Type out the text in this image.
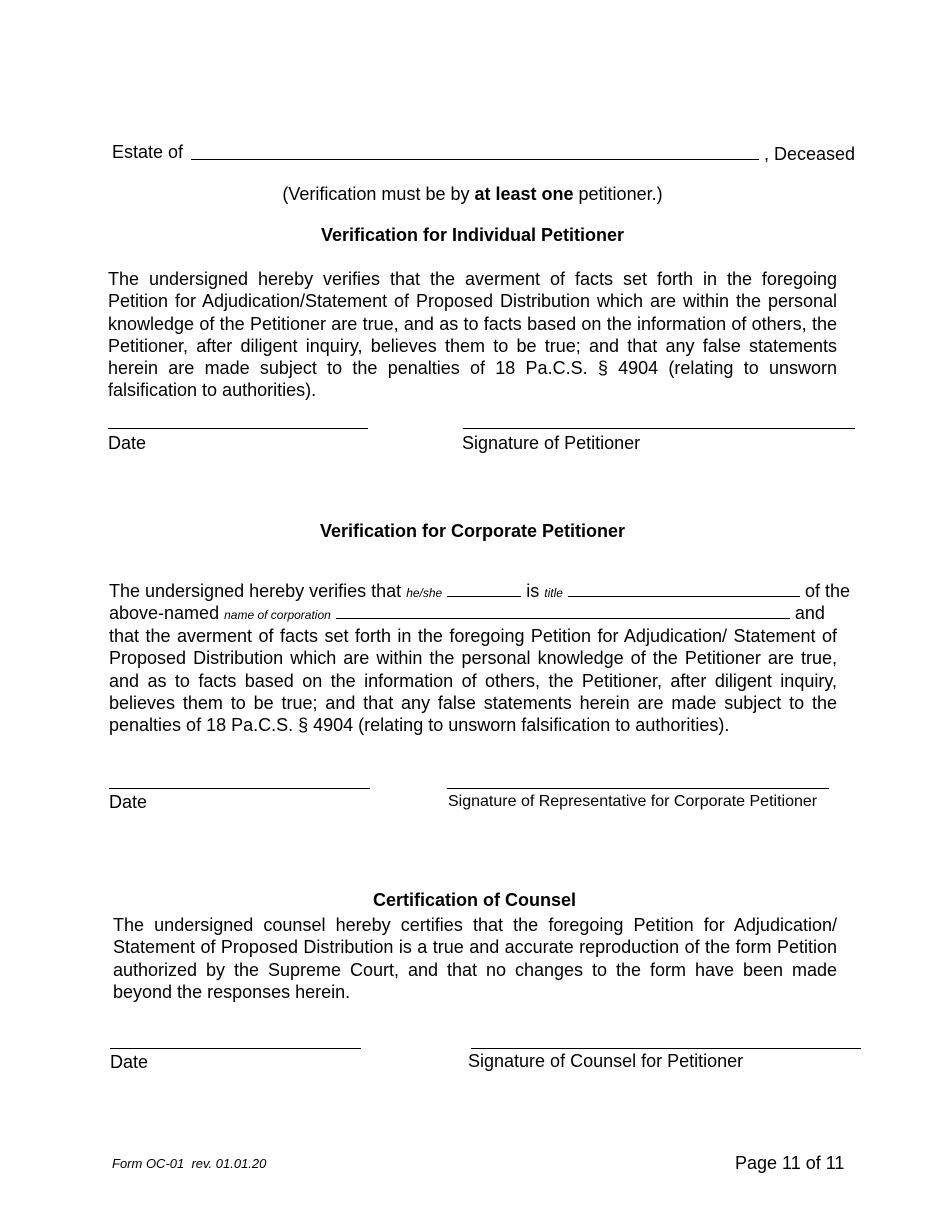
Estate of	, Deceased
(Verification must be by at least one petitioner.)
Verification for Individual Petitioner
The undersigned hereby verifies that the averment of facts set forth in the foregoing Petition for Adjudication/Statement of Proposed Distribution which are within the personal knowledge of the Petitioner are true, and as to facts based on the information of others, the Petitioner, after diligent inquiry, believes them to be true; and that any false statements herein are made subject to the penalties of 18 Pa.C.S. § 4904 (relating to unsworn falsification to authorities).
Date	Signature of Petitioner
Verification for Corporate Petitioner
The undersigned hereby verifies that he/she	is title	of the
above-named name of corporation	and
that the averment of facts set forth in the foregoing Petition for Adjudication/ Statement of Proposed Distribution which are within the personal knowledge of the Petitioner are true, and as to facts based on the information of others, the Petitioner, after diligent inquiry, believes them to be true; and that any false statements herein are made subject to the penalties of 18 Pa.C.S. § 4904 (relating to unsworn falsification to authorities).
Date	Signature of Representative for Corporate Petitioner
Certification of Counsel
The undersigned counsel hereby certifies that the foregoing Petition for Adjudication/ Statement of Proposed Distribution is a true and accurate reproduction of the form Petition authorized by the Supreme Court, and that no changes to the form have been made beyond the responses herein.
Date	Signature of Counsel for Petitioner
Form OC-01  rev. 01.01.20	Page 11 of 11
